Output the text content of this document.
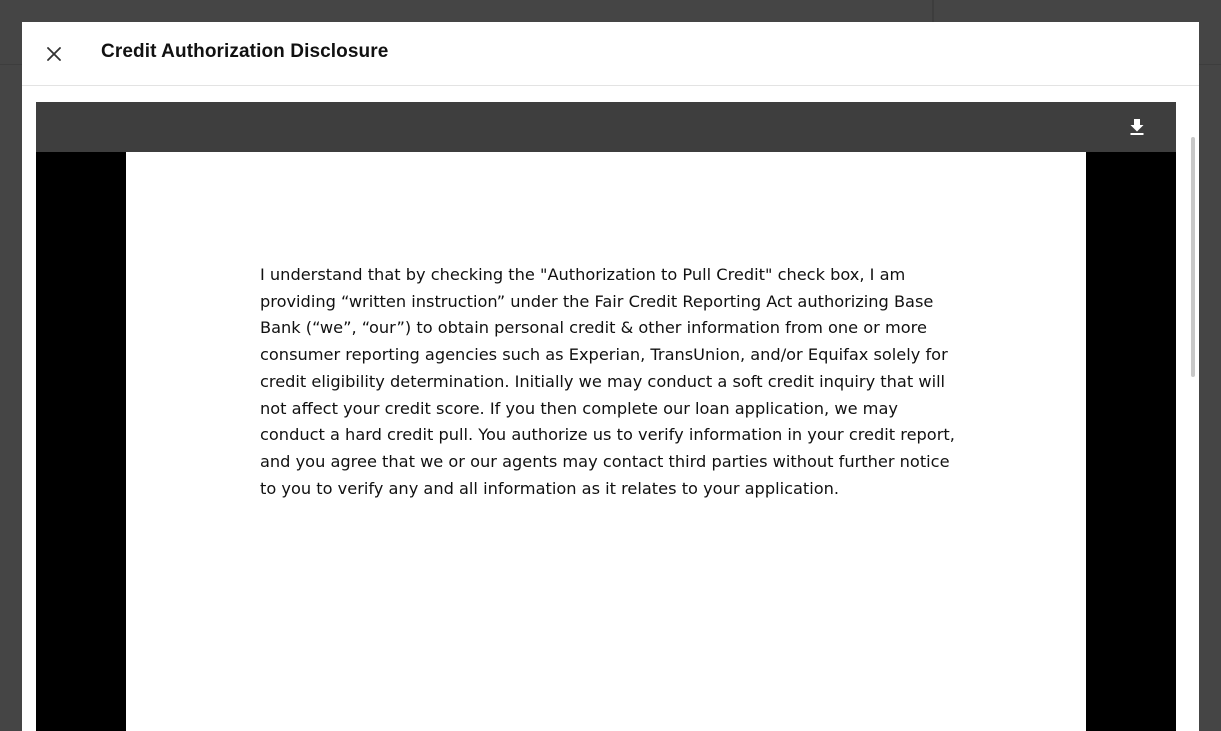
Credit Authorization Disclosure
I understand that by checking the "Authorization to Pull Credit" check box, I am providing “written instruction” under the Fair Credit Reporting Act authorizing Base Bank (“we”, “our”) to obtain personal credit & other information from one or more consumer reporting agencies such as Experian, TransUnion, and/or Equifax solely for credit eligibility determination. Initially we may conduct a soft credit inquiry that will not affect your credit score. If you then complete our loan application, we may conduct a hard credit pull. You authorize us to verify information in your credit report, and you agree that we or our agents may contact third parties without further notice to you to verify any and all information as it relates to your application.
